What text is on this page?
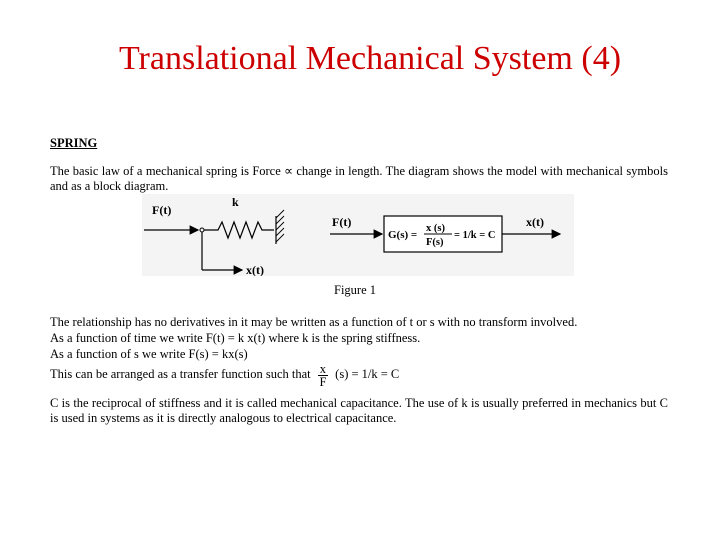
Translational Mechanical System (4)
SPRING
The basic law of a mechanical spring is Force ∝ change in length. The diagram shows the model with mechanical symbols and as a block diagram.
F(t)
k
x(t)
F(t)
G(s) =
x (s)
F(s)
= 1/k = C
x(t)
Figure 1
The relationship has no derivatives in it may be written as a function of t or s with no transform involved.
As a function of time we write F(t) = k x(t) where k is the spring stiffness.
As a function of s we write F(s) = kx(s)
This can be arranged as a transfer function such that $\frac{x}{F} (s) = 1/k = C$
C is the reciprocal of stiffness and it is called mechanical capacitance. The use of k is usually preferred in mechanics but C is used in systems as it is directly analogous to electrical capacitance.
